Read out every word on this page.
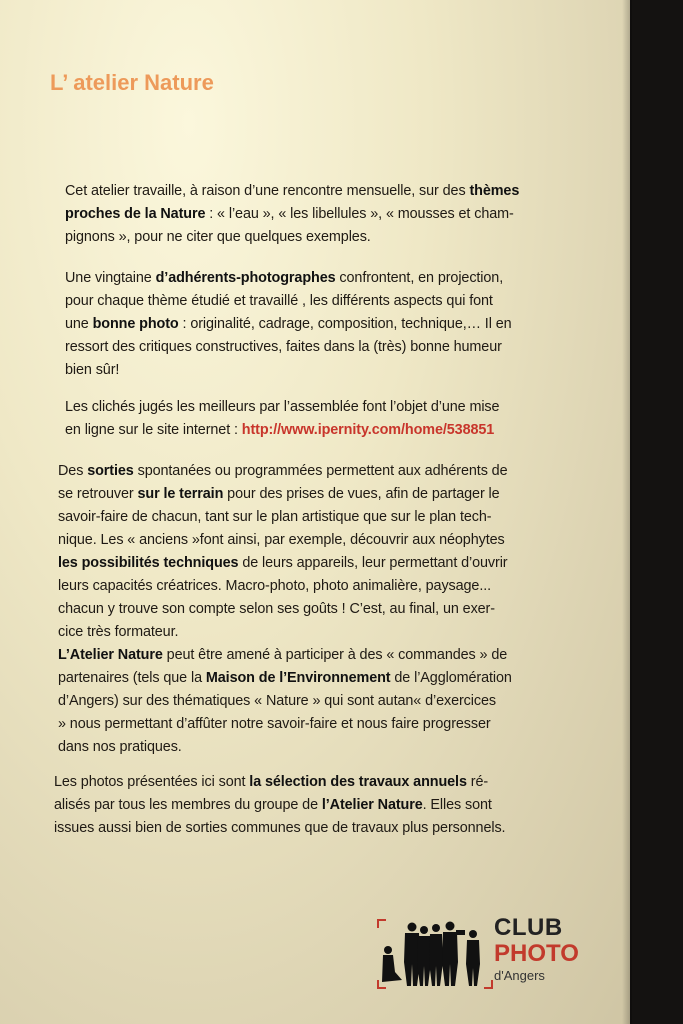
L’ atelier Nature
Cet atelier travaille, à raison d’une rencontre mensuelle, sur des thèmes
proches de la Nature : « l’eau », « les libellules », « mousses et cham-
pignons », pour ne citer que quelques exemples.
Une vingtaine d’adhérents-photographes confrontent, en projection,
pour chaque thème étudié et travaillé , les différents aspects qui font
une bonne photo : originalité, cadrage, composition, technique,… Il en
ressort des critiques constructives, faites dans la (très) bonne humeur
bien sûr!
Les clichés jugés les meilleurs par l’assemblée font l’objet d’une mise
en ligne sur le site internet : http://www.ipernity.com/home/538851
Des sorties spontanées ou programmées permettent aux adhérents de
se retrouver sur le terrain pour des prises de vues, afin de partager le
savoir-faire de chacun, tant sur le plan artistique que sur le plan tech-
nique. Les « anciens »font ainsi, par exemple, découvrir aux néophytes
les possibilités techniques de leurs appareils, leur permettant d’ouvrir
leurs capacités créatrices. Macro-photo, photo animalière, paysage...
chacun y trouve son compte selon ses goûts ! C’est, au final, un exer-
cice très formateur.
L’Atelier Nature peut être amené à participer à des « commandes » de
partenaires (tels que la Maison de l’Environnement de l’Agglomération
d’Angers) sur des thématiques « Nature » qui sont autan« d’exercices
» nous permettant d’affûter notre savoir-faire et nous faire progresser
dans nos pratiques.
Les photos présentées ici sont la sélection des travaux annuels ré-
alisés par tous les membres du groupe de l’Atelier Nature. Elles sont
issues aussi bien de sorties communes que de travaux plus personnels.
CLUB
PHOTO
d'Angers
